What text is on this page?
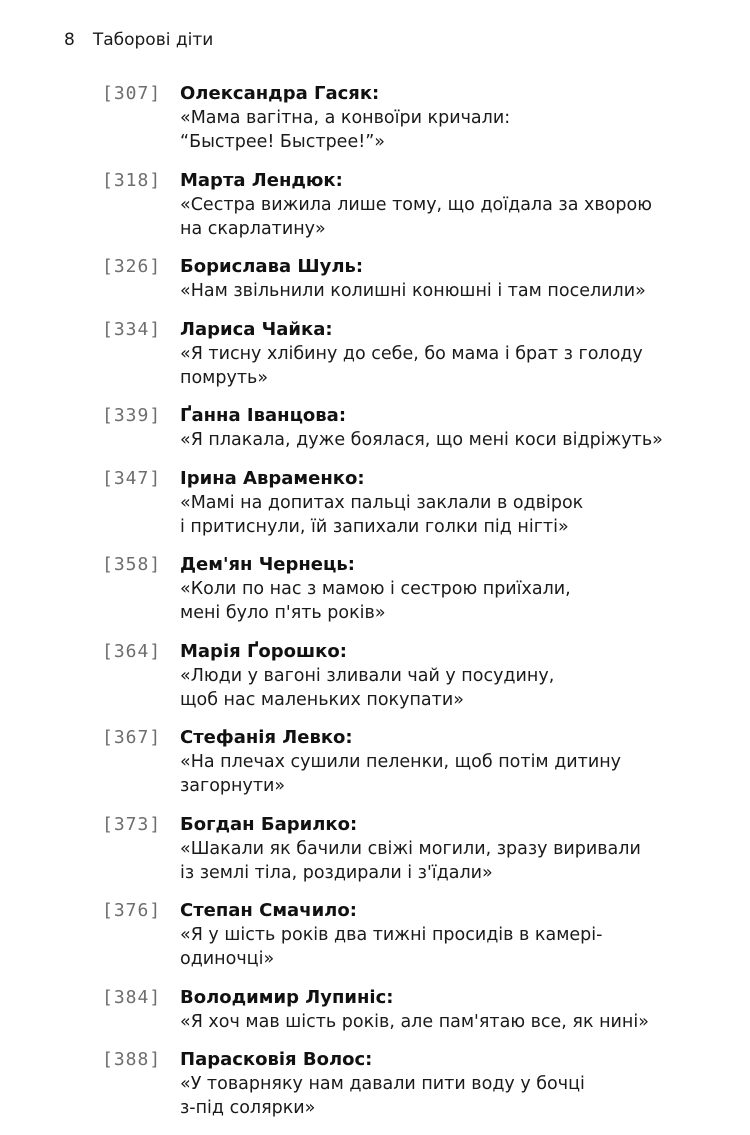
8 Таборові діти
[307]	Олександра Гасяк:
«Мама вагітна, а конвоїри кричали:
“Быстрее! Быстрее!”»
[318]	Марта Лендюк:
«Сестра вижила лише тому, що доїдала за хворою
на скарлатину»
[326]	Борислава Шуль:
«Нам звільнили колишні конюшні і там поселили»
[334]	Лариса Чайка:
«Я тисну хлібину до себе, бо мама і брат з голоду
помруть»
[339]	Ґанна Іванцова:
«Я плакала, дуже боялася, що мені коси відріжуть»
[347]	Ірина Авраменко:
«Мамі на допитах пальці заклали в одвірок
і притиснули, їй запихали голки під нігті»
[358]	Дем'ян Чернець:
«Коли по нас з мамою і сестрою приїхали,
мені було п'ять років»
[364]	Марія Ґорошко:
«Люди у вагоні зливали чай у посудину,
щоб нас маленьких покупати»
[367]	Стефанія Левко:
«На плечах сушили пеленки, щоб потім дитину
загорнути»
[373]	Богдан Барилко:
«Шакали як бачили свіжі могили, зразу виривали
із землі тіла, роздирали і з'їдали»
[376]	Степан Смачило:
«Я у шість років два тижні просидів в камері-
одиночці»
[384]	Володимир Лупиніс:
«Я хоч мав шість років, але пам'ятаю все, як нині»
[388]	Парасковія Волос:
«У товарняку нам давали пити воду у бочці
з-під солярки»
